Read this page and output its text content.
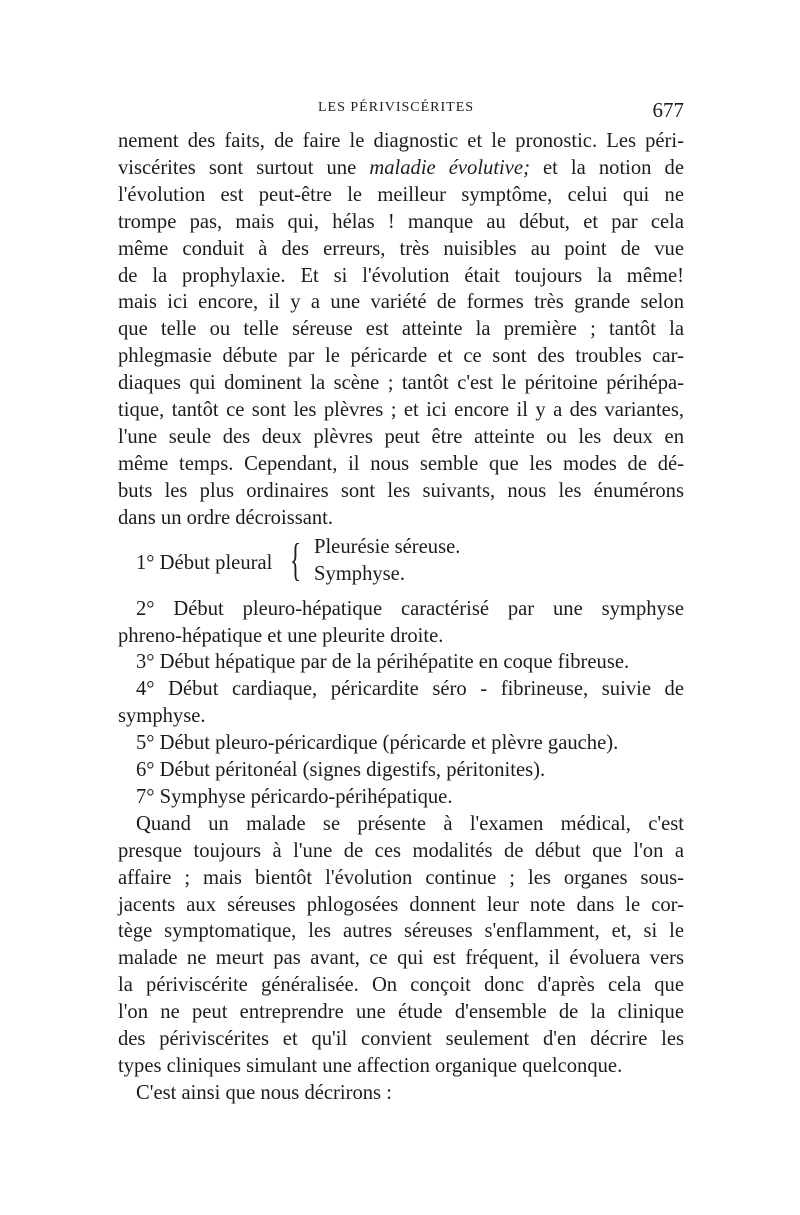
LES PÉRIVISCÉRITES	677
nement des faits, de faire le diagnostic et le pronostic. Les péri-
viscérites sont surtout une maladie évolutive; et la notion de
l'évolution est peut-être le meilleur symptôme, celui qui ne
trompe pas, mais qui, hélas ! manque au début, et par cela
même conduit à des erreurs, très nuisibles au point de vue
de la prophylaxie. Et si l'évolution était toujours la même!
mais ici encore, il y a une variété de formes très grande selon
que telle ou telle séreuse est atteinte la première ; tantôt la
phlegmasie débute par le péricarde et ce sont des troubles car-
diaques qui dominent la scène ; tantôt c'est le péritoine périhépa-
tique, tantôt ce sont les plèvres ; et ici encore il y a des variantes,
l'une seule des deux plèvres peut être atteinte ou les deux en
même temps. Cependant, il nous semble que les modes de dé-
buts les plus ordinaires sont les suivants, nous les énumérons
dans un ordre décroissant.
1° Début pleural { Pleurésie séreuse.
Symphyse.
2° Début pleuro-hépatique caractérisé par une symphyse
phreno-hépatique et une pleurite droite.
3° Début hépatique par de la périhépatite en coque fibreuse.
4° Début cardiaque, péricardite séro - fibrineuse, suivie de
symphyse.
5° Début pleuro-péricardique (péricarde et plèvre gauche).
6° Début péritonéal (signes digestifs, péritonites).
7° Symphyse péricardo-périhépatique.
Quand un malade se présente à l'examen médical, c'est
presque toujours à l'une de ces modalités de début que l'on a
affaire ; mais bientôt l'évolution continue ; les organes sous-
jacents aux séreuses phlogosées donnent leur note dans le cor-
tège symptomatique, les autres séreuses s'enflamment, et, si le
malade ne meurt pas avant, ce qui est fréquent, il évoluera vers
la périviscérite généralisée. On conçoit donc d'après cela que
l'on ne peut entreprendre une étude d'ensemble de la clinique
des périviscérites et qu'il convient seulement d'en décrire les
types cliniques simulant une affection organique quelconque.
C'est ainsi que nous décrirons :
